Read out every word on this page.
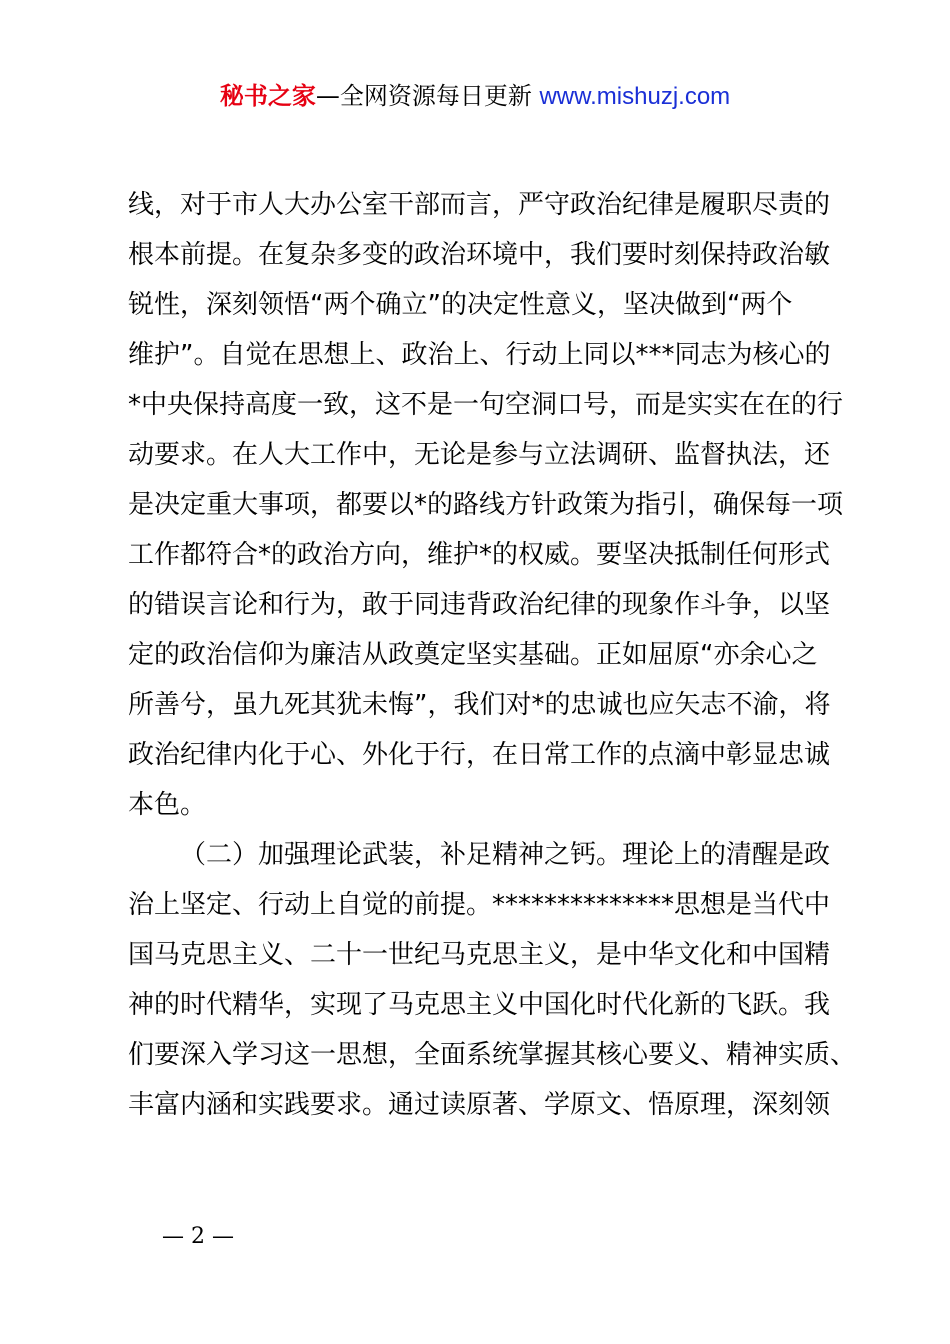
秘书之家—全网资源每日更新 www.mishuzj.com

线，对于市人大办公室干部而言，严守政治纪律是履职尽责的
根本前提。在复杂多变的政治环境中，我们要时刻保持政治敏
锐性，深刻领悟“两个确立”的决定性意义，坚决做到“两个
维护”。自觉在思想上、政治上、行动上同以***同志为核心的
*中央保持高度一致，这不是一句空洞口号，而是实实在在的行
动要求。在人大工作中，无论是参与立法调研、监督执法，还
是决定重大事项，都要以*的路线方针政策为指引，确保每一项
工作都符合*的政治方向，维护*的权威。要坚决抵制任何形式
的错误言论和行为，敢于同违背政治纪律的现象作斗争，以坚
定的政治信仰为廉洁从政奠定坚实基础。正如屈原“亦余心之
所善兮，虽九死其犹未悔”，我们对*的忠诚也应矢志不渝，将
政治纪律内化于心、外化于行，在日常工作的点滴中彰显忠诚
本色。

（二）加强理论武装，补足精神之钙。理论上的清醒是政
治上坚定、行动上自觉的前提。**************思想是当代中
国马克思主义、二十一世纪马克思主义，是中华文化和中国精
神的时代精华，实现了马克思主义中国化时代化新的飞跃。我
们要深入学习这一思想，全面系统掌握其核心要义、精神实质、
丰富内涵和实践要求。通过读原著、学原文、悟原理，深刻领

— 2 —
